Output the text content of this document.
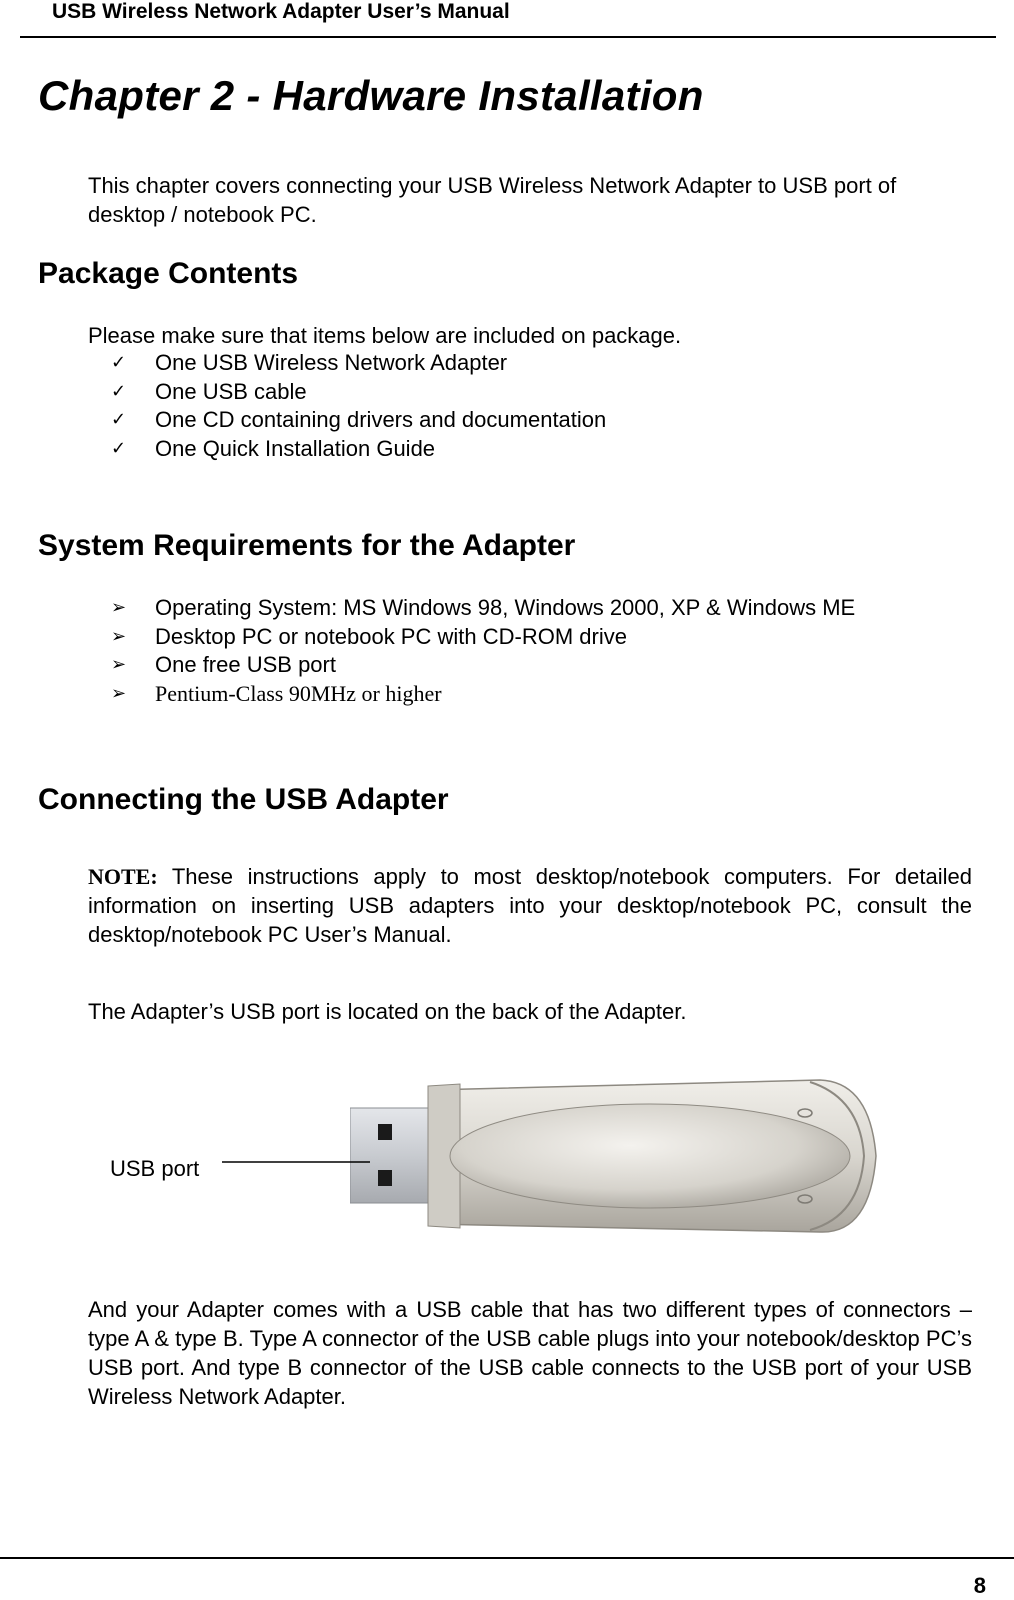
USB Wireless Network Adapter User’s Manual
Chapter 2 - Hardware Installation
This chapter covers connecting your USB Wireless Network Adapter to USB port of desktop / notebook PC.
Package Contents
Please make sure that items below are included on package.
✓ One USB Wireless Network Adapter
✓ One USB cable
✓ One CD containing drivers and documentation
✓ One Quick Installation Guide
System Requirements for the Adapter
➢ Operating System: MS Windows 98, Windows 2000, XP & Windows ME
➢ Desktop PC or notebook PC with CD-ROM drive
➢ One free USB port
➢ Pentium-Class 90MHz or higher
Connecting the USB Adapter
NOTE: These instructions apply to most desktop/notebook computers. For detailed information on inserting USB adapters into your desktop/notebook PC, consult the desktop/notebook PC User’s Manual.
The Adapter’s USB port is located on the back of the Adapter.
USB port
And your Adapter comes with a USB cable that has two different types of connectors – type A & type B. Type A connector of the USB cable plugs into your notebook/desktop PC’s USB port. And type B connector of the USB cable connects to the USB port of your USB Wireless Network Adapter.
8
